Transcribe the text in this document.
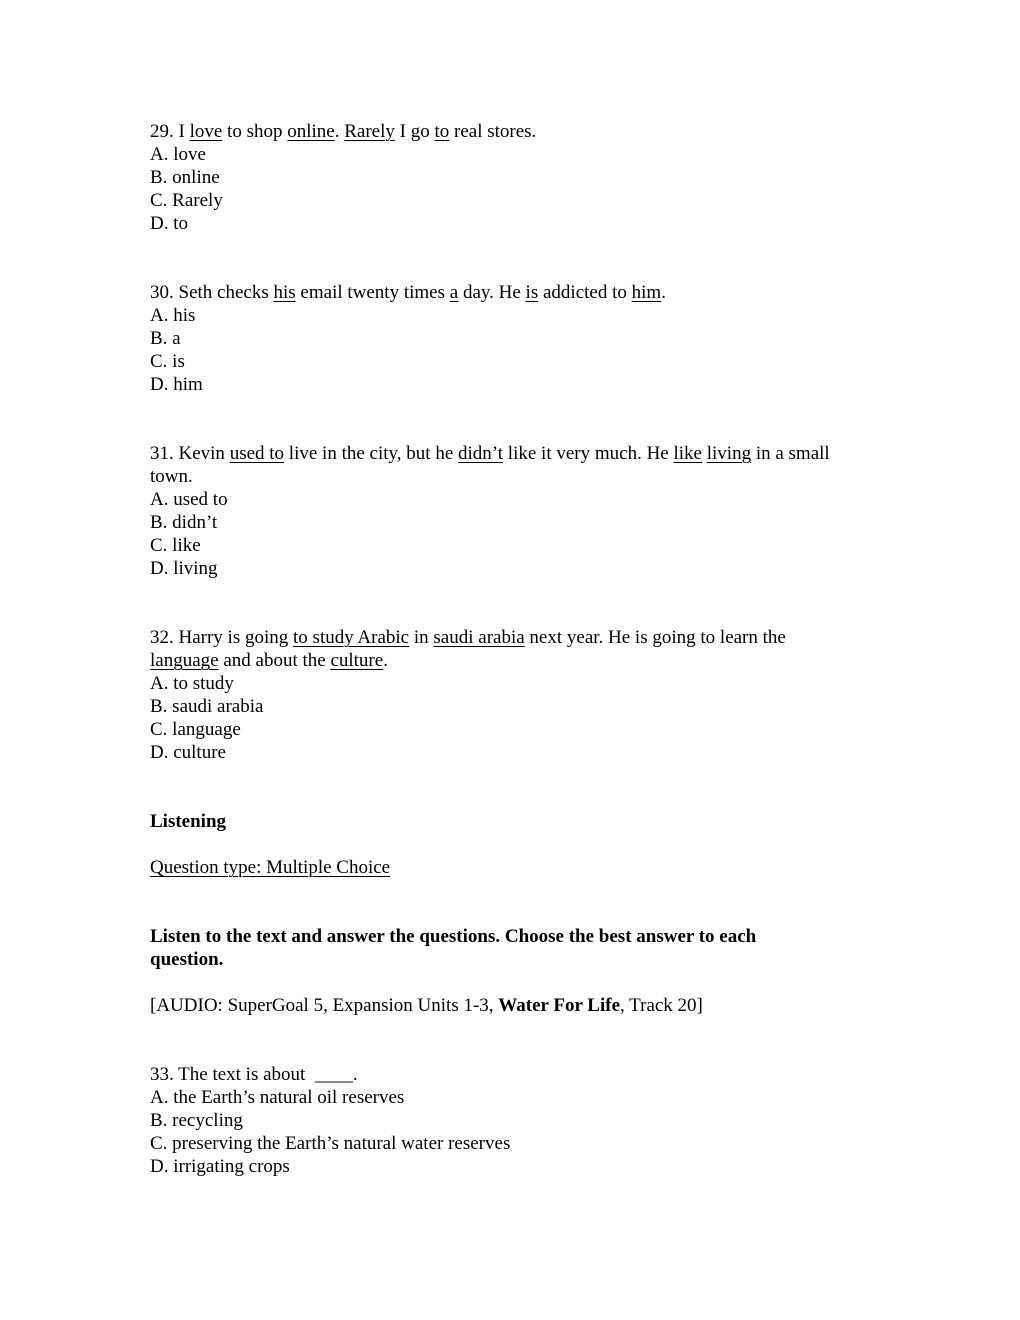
29. I love to shop online. Rarely I go to real stores.
A. love
B. online
C. Rarely
D. to
30. Seth checks his email twenty times a day. He is addicted to him.
A. his
B. a
C. is
D. him
31. Kevin used to live in the city, but he didn’t like it very much. He like living in a small
town.
A. used to
B. didn’t
C. like
D. living
32. Harry is going to study Arabic in saudi arabia next year. He is going to learn the
language and about the culture.
A. to study
B. saudi arabia
C. language
D. culture
Listening
Question type: Multiple Choice
Listen to the text and answer the questions. Choose the best answer to each
question.
[AUDIO: SuperGoal 5, Expansion Units 1-3, Water For Life, Track 20]
33. The text is about  ____.
A. the Earth’s natural oil reserves
B. recycling
C. preserving the Earth’s natural water reserves
D. irrigating crops
